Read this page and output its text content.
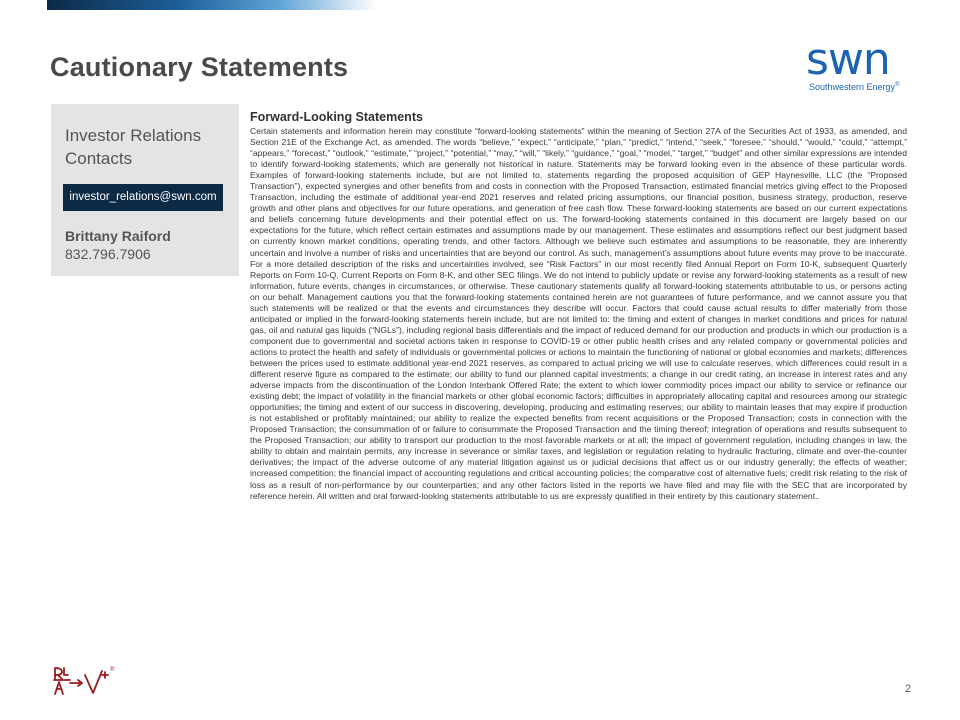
Cautionary Statements	swn
Southwestern Energy®
Investor Relations Contacts
investor_relations@swn.com
Brittany Raiford
832.796.7906
Forward-Looking Statements

Certain statements and information herein may constitute “forward-looking statements” within the meaning of Section 27A of the Securities Act of 1933, as amended, and Section 21E of the Exchange Act, as amended. The words “believe,” “expect,” “anticipate,” “plan,” “predict,” “intend,” “seek,” “foresee,” “should,” “would,” “could,” “attempt,” “appears,” “forecast,” “outlook,” “estimate,” “project,” “potential,” “may,” “will,” “likely,” “guidance,” “goal,” “model,” “target,” “budget” and other similar expressions are intended to identify forward-looking statements, which are generally not historical in nature. Statements may be forward looking even in the absence of these particular words. Examples of forward-looking statements include, but are not limited to, statements regarding the proposed acquisition of GEP Haynesville, LLC (the “Proposed Transaction”), expected synergies and other benefits from and costs in connection with the Proposed Transaction, estimated financial metrics giving effect to the Proposed Transaction, including the estimate of additional year-end 2021 reserves and related pricing assumptions, our financial position, business strategy, production, reserve growth and other plans and objectives for our future operations, and generation of free cash flow. These forward-looking statements are based on our current expectations and beliefs concerning future developments and their potential effect on us. The forward-looking statements contained in this document are largely based on our expectations for the future, which reflect certain estimates and assumptions made by our management. These estimates and assumptions reflect our best judgment based on currently known market conditions, operating trends, and other factors. Although we believe such estimates and assumptions to be reasonable, they are inherently uncertain and involve a number of risks and uncertainties that are beyond our control. As such, management’s assumptions about future events may prove to be inaccurate. For a more detailed description of the risks and uncertainties involved, see “Risk Factors” in our most recently filed Annual Report on Form 10-K, subsequent Quarterly Reports on Form 10-Q, Current Reports on Form 8-K, and other SEC filings. We do not intend to publicly update or revise any forward-looking statements as a result of new information, future events, changes in circumstances, or otherwise. These cautionary statements qualify all forward-looking statements attributable to us, or persons acting on our behalf. Management cautions you that the forward-looking statements contained herein are not guarantees of future performance, and we cannot assure you that such statements will be realized or that the events and circumstances they describe will occur. Factors that could cause actual results to differ materially from those anticipated or implied in the forward-looking statements herein include, but are not limited to: the timing and extent of changes in market conditions and prices for natural gas, oil and natural gas liquids (“NGLs”), including regional basis differentials and the impact of reduced demand for our production and products in which our production is a component due to governmental and societal actions taken in response to COVID-19 or other public health crises and any related company or governmental policies and actions to protect the health and safety of individuals or governmental policies or actions to maintain the functioning of national or global economies and markets; differences between the prices used to estimate additional year-end 2021 reserves, as compared to actual pricing we will use to calculate reserves, which differences could result in a different reserve figure as compared to the estimate; our ability to fund our planned capital investments; a change in our credit rating, an increase in interest rates and any adverse impacts from the discontinuation of the London Interbank Offered Rate; the extent to which lower commodity prices impact our ability to service or refinance our existing debt; the impact of volatility in the financial markets or other global economic factors; difficulties in appropriately allocating capital and resources among our strategic opportunities; the timing and extent of our success in discovering, developing, producing and estimating reserves; our ability to maintain leases that may expire if production is not established or profitably maintained; our ability to realize the expected benefits from recent acquisitions or the Proposed Transaction; costs in connection with the Proposed Transaction; the consummation of or failure to consummate the Proposed Transaction and the timing thereof; integration of operations and results subsequent to the Proposed Transaction; our ability to transport our production to the most favorable markets or at all; the impact of government regulation, including changes in law, the ability to obtain and maintain permits, any increase in severance or similar taxes, and legislation or regulation relating to hydraulic fracturing, climate and over-the-counter derivatives; the impact of the adverse outcome of any material litigation against us or judicial decisions that affect us or our industry generally; the effects of weather; increased competition; the financial impact of accounting regulations and critical accounting policies; the comparative cost of alternative fuels; credit risk relating to the risk of loss as a result of non-performance by our counterparties; and any other factors listed in the reports we have filed and may file with the SEC that are incorporated by reference herein. All written and oral forward-looking statements attributable to us are expressly qualified in their entirety by this cautionary statement..

®
2
